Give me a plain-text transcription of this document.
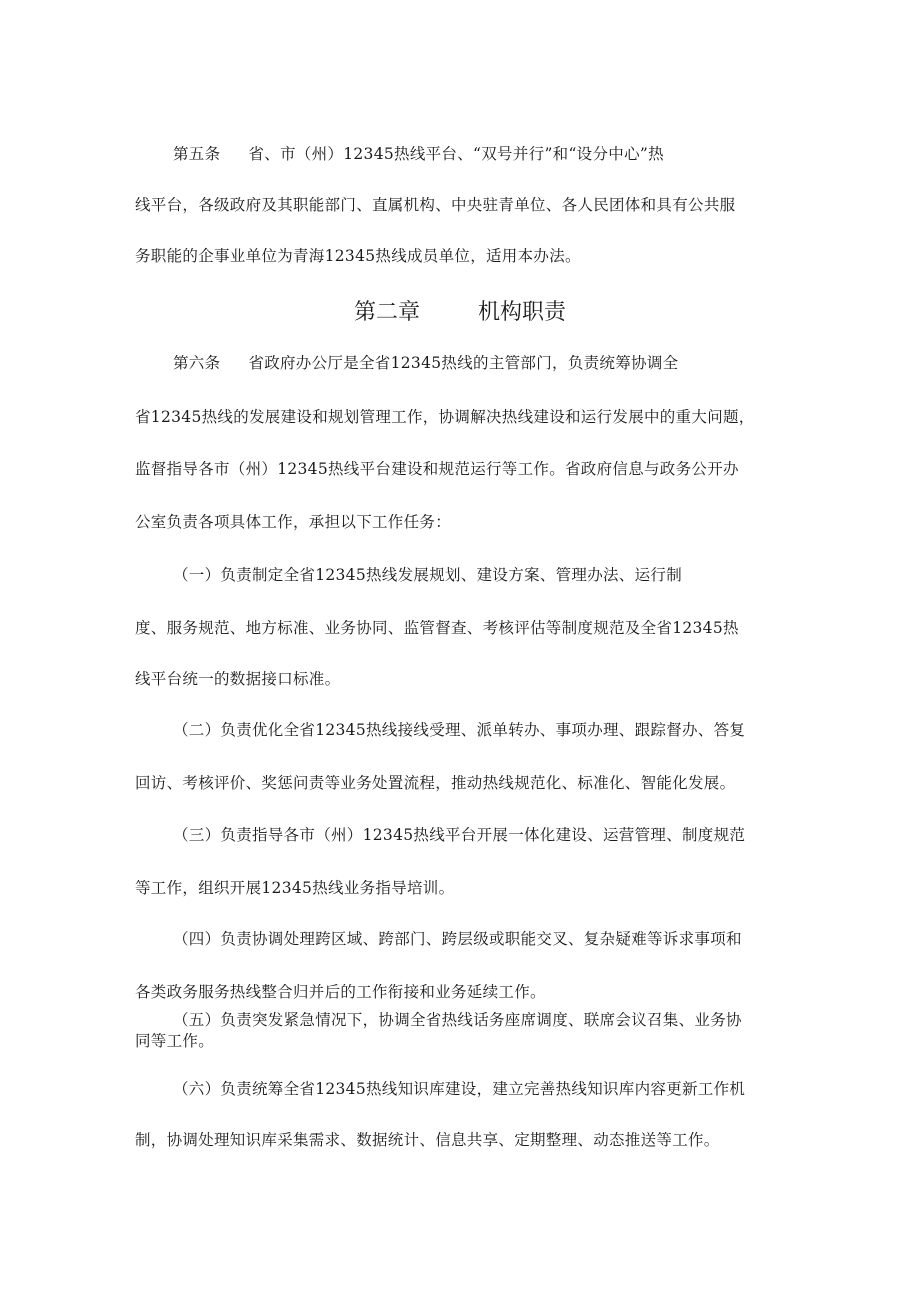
第五条 省、市（州）12345热线平台、“双号并行”和“设分中心”热
线平台，各级政府及其职能部门、直属机构、中央驻青单位、各人民团体和具有公共服
务职能的企事业单位为青海12345热线成员单位，适用本办法。
第二章	机构职责
第六条 省政府办公厅是全省12345热线的主管部门，负责统筹协调全
省12345热线的发展建设和规划管理工作，协调解决热线建设和运行发展中的重大问题，
监督指导各市（州）12345热线平台建设和规范运行等工作。省政府信息与政务公开办
公室负责各项具体工作，承担以下工作任务：
（一）负责制定全省12345热线发展规划、建设方案、管理办法、运行制
度、服务规范、地方标准、业务协同、监管督查、考核评估等制度规范及全省12345热
线平台统一的数据接口标准。
（二）负责优化全省12345热线接线受理、派单转办、事项办理、跟踪督办、答复
回访、考核评价、奖惩问责等业务处置流程，推动热线规范化、标准化、智能化发展。
（三）负责指导各市（州）12345热线平台开展一体化建设、运营管理、制度规范
等工作，组织开展12345热线业务指导培训。
（四）负责协调处理跨区域、跨部门、跨层级或职能交叉、复杂疑难等诉求事项和
各类政务服务热线整合归并后的工作衔接和业务延续工作。
（五）负责突发紧急情况下，协调全省热线话务座席调度、联席会议召集、业务协
同等工作。
（六）负责统筹全省12345热线知识库建设，建立完善热线知识库内容更新工作机
制，协调处理知识库采集需求、数据统计、信息共享、定期整理、动态推送等工作。
